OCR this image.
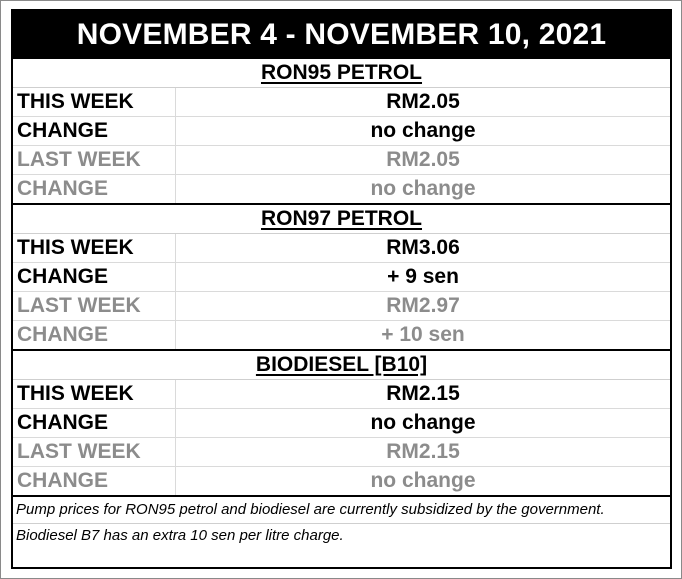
NOVEMBER 4 - NOVEMBER 10, 2021
RON95 PETROL
THIS WEEK	RM2.05
CHANGE	no change
LAST WEEK	RM2.05
CHANGE	no change
RON97 PETROL
THIS WEEK	RM3.06
CHANGE	+ 9 sen
LAST WEEK	RM2.97
CHANGE	+ 10 sen
BIODIESEL [B10]
THIS WEEK	RM2.15
CHANGE	no change
LAST WEEK	RM2.15
CHANGE	no change
Pump prices for RON95 petrol and biodiesel are currently subsidized by the government.
Biodiesel B7 has an extra 10 sen per litre charge.
